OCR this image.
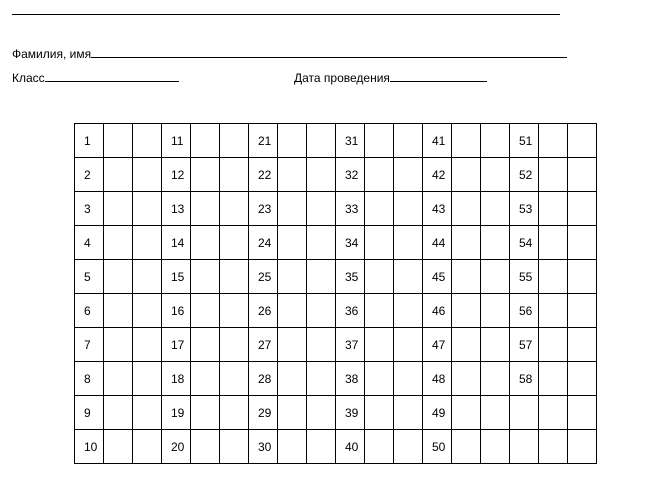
Фамилия, имя
Класс	Дата проведения
1			11			21			31			41			51		
2			12			22			32			42			52		
3			13			23			33			43			53		
4			14			24			34			44			54		
5			15			25			35			45			55		
6			16			26			36			46			56		
7			17			27			37			47			57		
8			18			28			38			48			58		
9			19			29			39			49					
10			20			30			40			50					
